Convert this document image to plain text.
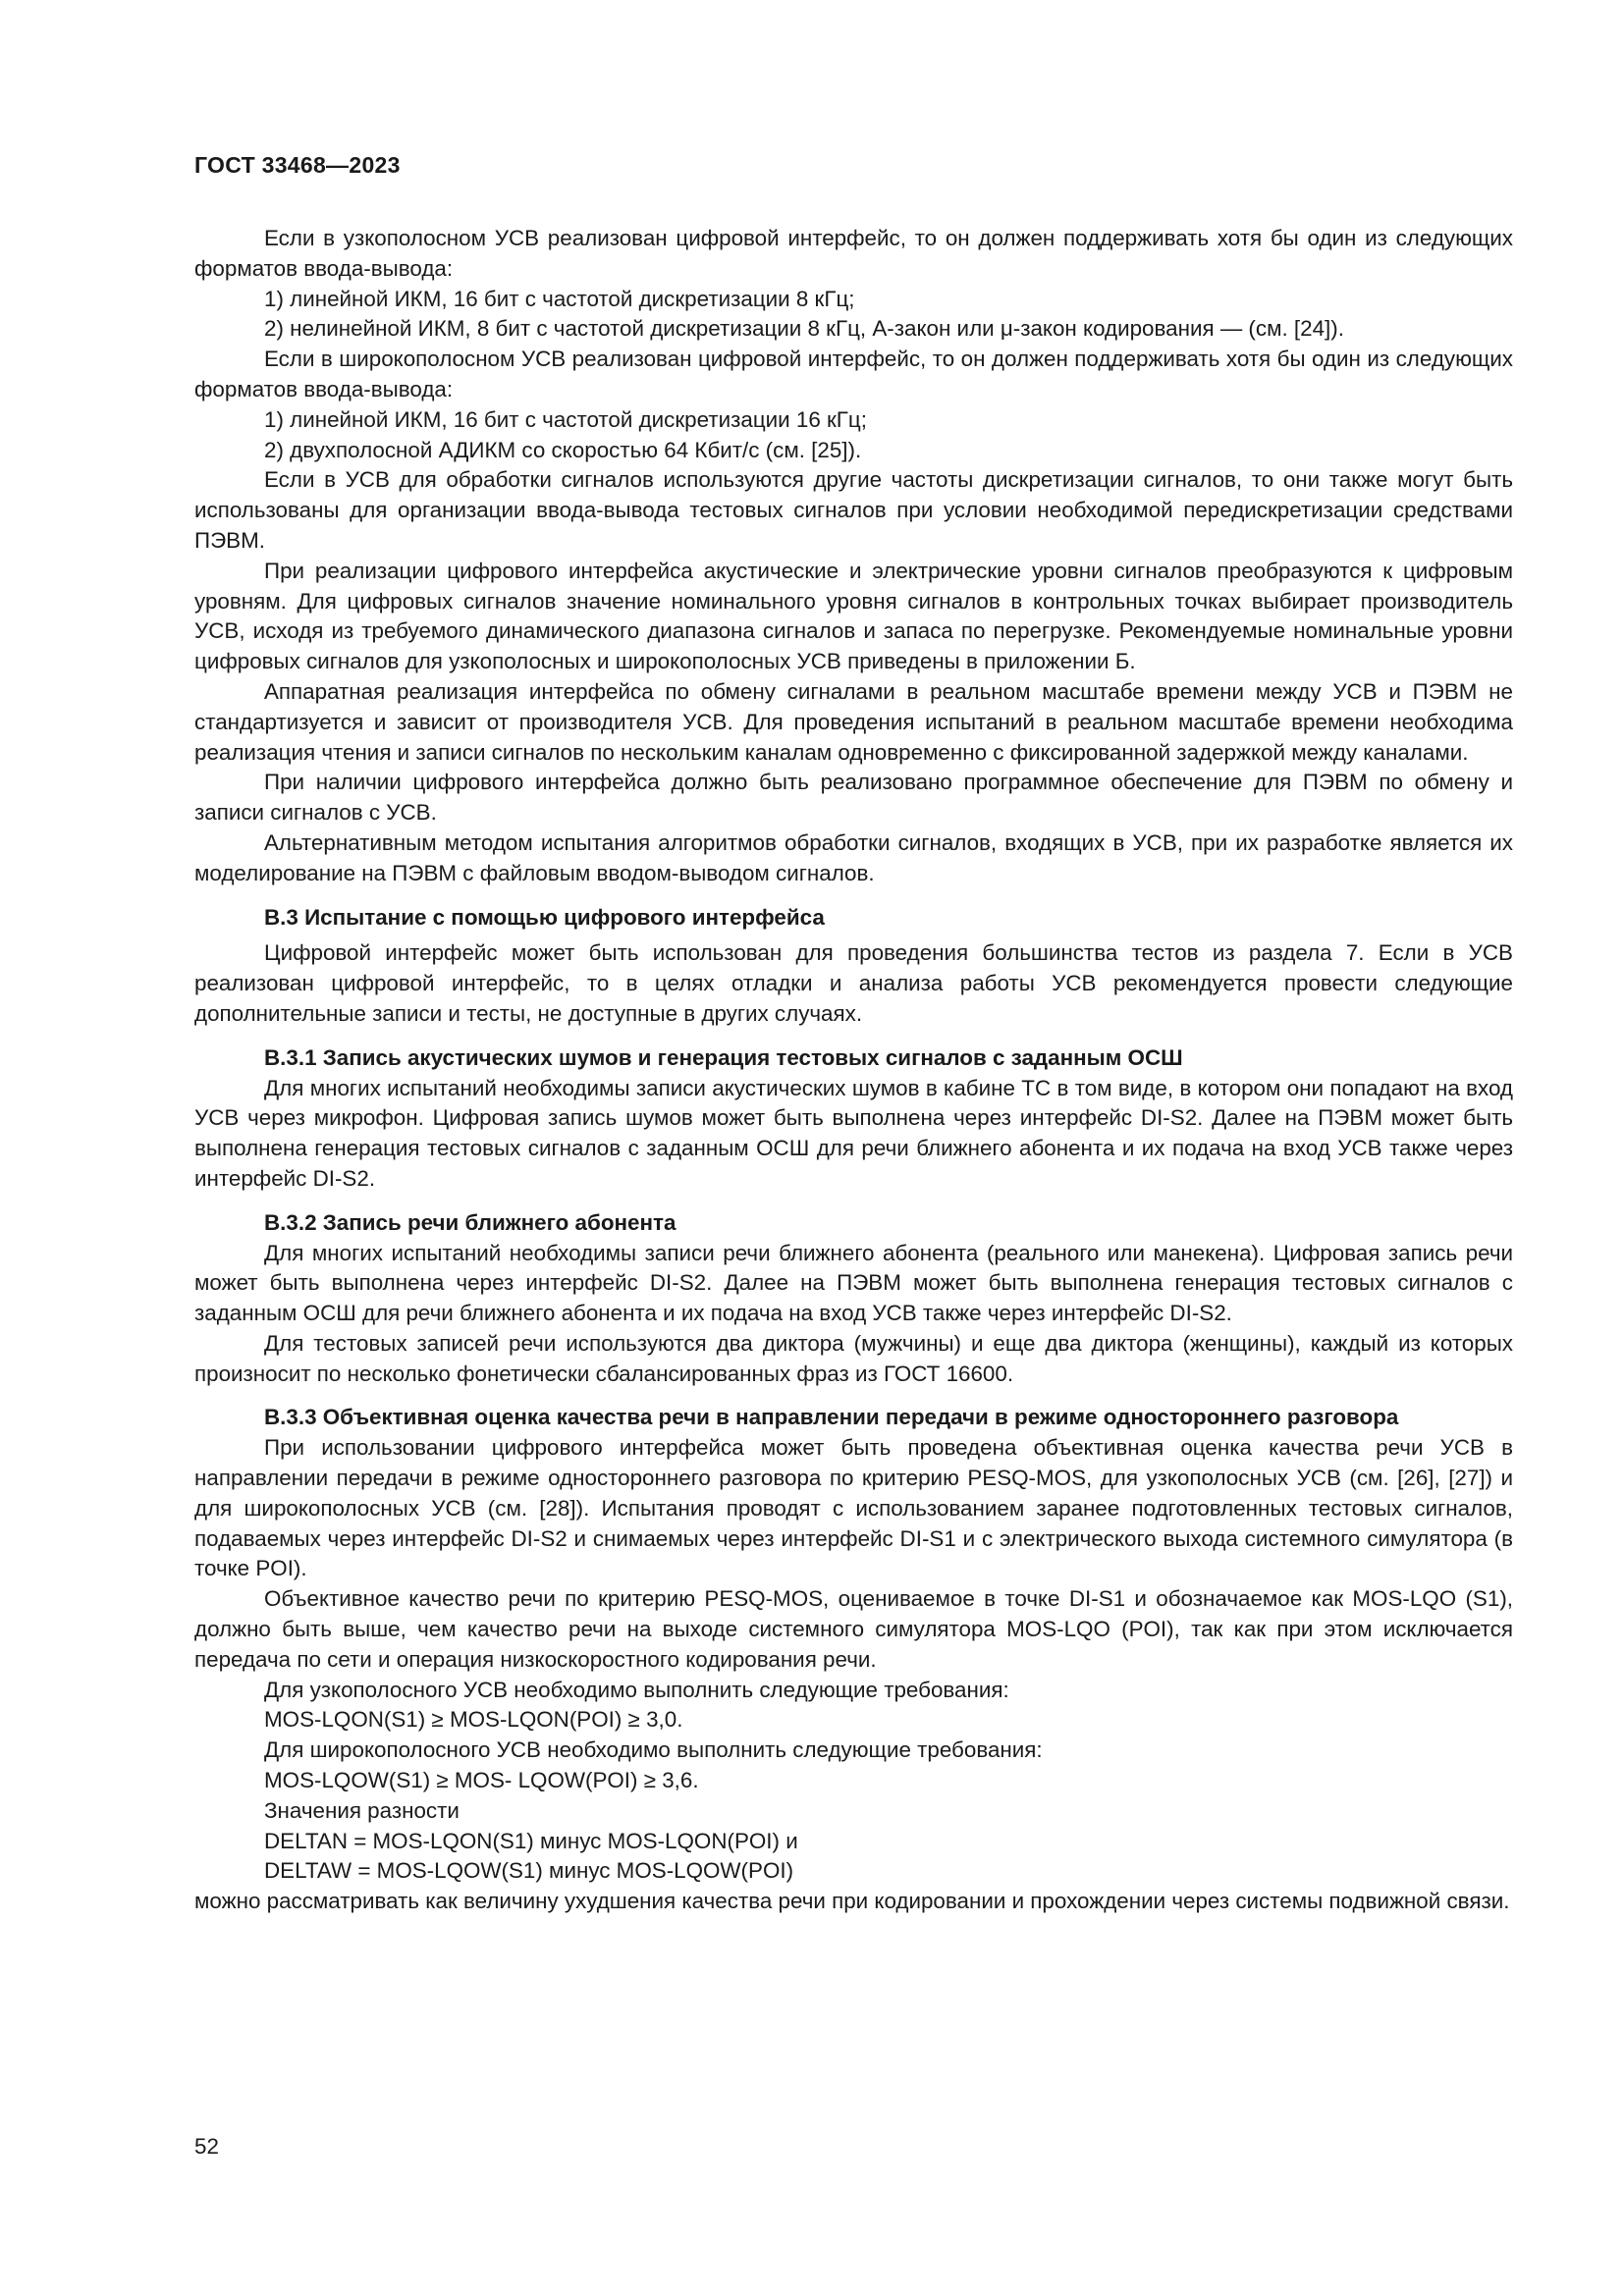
ГОСТ 33468—2023

Если в узкополосном УСВ реализован цифровой интерфейс, то он должен поддерживать хотя бы один из следующих форматов ввода-вывода:

1) линейной ИКМ, 16 бит с частотой дискретизации 8 кГц;

2) нелинейной ИКМ, 8 бит с частотой дискретизации 8 кГц, А-закон или μ-закон кодирования — (см. [24]).

Если в широкополосном УСВ реализован цифровой интерфейс, то он должен поддерживать хотя бы один из следующих форматов ввода-вывода:

1) линейной ИКМ, 16 бит с частотой дискретизации 16 кГц;

2) двухполосной АДИКМ со скоростью 64 Кбит/с (см. [25]).

Если в УСВ для обработки сигналов используются другие частоты дискретизации сигналов, то они также могут быть использованы для организации ввода-вывода тестовых сигналов при условии необходимой передискретизации средствами ПЭВМ.

При реализации цифрового интерфейса акустические и электрические уровни сигналов преобразуются к цифровым уровням. Для цифровых сигналов значение номинального уровня сигналов в контрольных точках выбирает производитель УСВ, исходя из требуемого динамического диапазона сигналов и запаса по перегрузке. Рекомендуемые номинальные уровни цифровых сигналов для узкополосных и широкополосных УСВ приведены в приложении Б.

Аппаратная реализация интерфейса по обмену сигналами в реальном масштабе времени между УСВ и ПЭВМ не стандартизуется и зависит от производителя УСВ. Для проведения испытаний в реальном масштабе времени необходима реализация чтения и записи сигналов по нескольким каналам одновременно с фиксированной задержкой между каналами.

При наличии цифрового интерфейса должно быть реализовано программное обеспечение для ПЭВМ по обмену и записи сигналов с УСВ.

Альтернативным методом испытания алгоритмов обработки сигналов, входящих в УСВ, при их разработке является их моделирование на ПЭВМ с файловым вводом-выводом сигналов.

В.3 Испытание с помощью цифрового интерфейса

Цифровой интерфейс может быть использован для проведения большинства тестов из раздела 7. Если в УСВ реализован цифровой интерфейс, то в целях отладки и анализа работы УСВ рекомендуется провести следующие дополнительные записи и тесты, не доступные в других случаях.

В.3.1 Запись акустических шумов и генерация тестовых сигналов с заданным ОСШ

Для многих испытаний необходимы записи акустических шумов в кабине ТС в том виде, в котором они попадают на вход УСВ через микрофон. Цифровая запись шумов может быть выполнена через интерфейс DI-S2. Далее на ПЭВМ может быть выполнена генерация тестовых сигналов с заданным ОСШ для речи ближнего абонента и их подача на вход УСВ также через интерфейс DI-S2.

В.3.2 Запись речи ближнего абонента

Для многих испытаний необходимы записи речи ближнего абонента (реального или манекена). Цифровая запись речи может быть выполнена через интерфейс DI-S2. Далее на ПЭВМ может быть выполнена генерация тестовых сигналов с заданным ОСШ для речи ближнего абонента и их подача на вход УСВ также через интерфейс DI-S2.

Для тестовых записей речи используются два диктора (мужчины) и еще два диктора (женщины), каждый из которых произносит по несколько фонетически сбалансированных фраз из ГОСТ 16600.

В.3.3 Объективная оценка качества речи в направлении передачи в режиме одностороннего разговора

При использовании цифрового интерфейса может быть проведена объективная оценка качества речи УСВ в направлении передачи в режиме одностороннего разговора по критерию PESQ-MOS, для узкополосных УСВ (см. [26], [27]) и для широкополосных УСВ (см. [28]). Испытания проводят с использованием заранее подготовленных тестовых сигналов, подаваемых через интерфейс DI-S2 и снимаемых через интерфейс DI-S1 и с электрического выхода системного симулятора (в точке POI).

Объективное качество речи по критерию PESQ-MOS, оцениваемое в точке DI-S1 и обозначаемое как MOS-LQO (S1), должно быть выше, чем качество речи на выходе системного симулятора MOS-LQO (POI), так как при этом исключается передача по сети и операция низкоскоростного кодирования речи.

Для узкополосного УСВ необходимо выполнить следующие требования:

MOS-LQON(S1) ≥ MOS-LQON(POI) ≥ 3,0.

Для широкополосного УСВ необходимо выполнить следующие требования:

MOS-LQOW(S1) ≥ MOS- LQOW(POI) ≥ 3,6.

Значения разности

DELTAN = MOS-LQON(S1) минус MOS-LQON(POI) и

DELTAW = MOS-LQOW(S1) минус MOS-LQOW(POI)

можно рассматривать как величину ухудшения качества речи при кодировании и прохождении через системы подвижной связи.

52
